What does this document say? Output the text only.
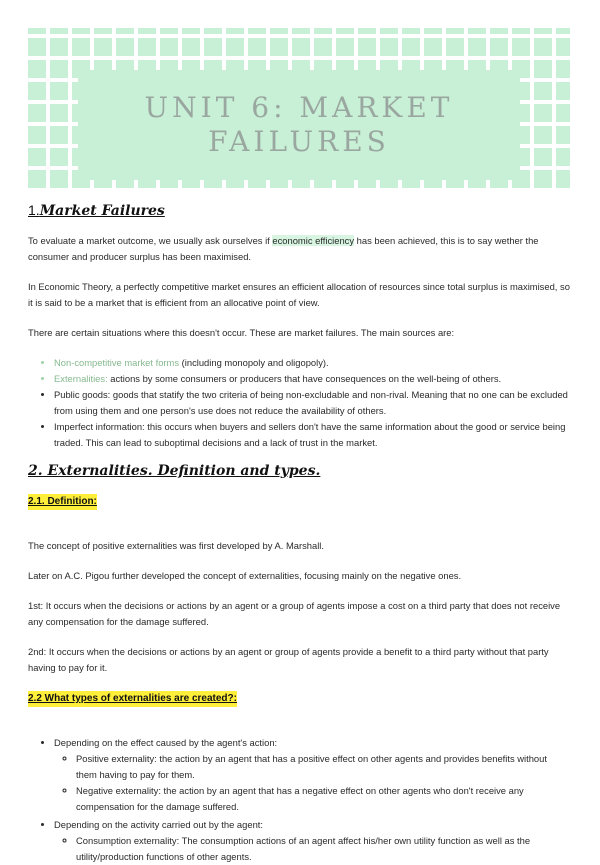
UNIT 6: MARKET FAILURES
1.Market Failures

To evaluate a market outcome, we usually ask ourselves if economic efficiency has been achieved, this is to say wether the consumer and producer surplus has been maximised.

In Economic Theory, a perfectly competitive market ensures an efficient allocation of resources since total surplus is maximised, so it is said to be a market that is efficient from an allocative point of view.

There are certain situations where this doesn't occur. These are market failures. The main sources are:

• Non-competitive market forms (including monopoly and oligopoly).
• Externalities: actions by some consumers or producers that have consequences on the well-being of others.
• Public goods: goods that statify the two criteria of being non-excludable and non-rival. Meaning that no one can be excluded from using them and one person's use does not reduce the availability of others.
• Imperfect information: this occurs when buyers and sellers don't have the same information about the good or service being traded. This can lead to suboptimal decisions and a lack of trust in the market.
2. Externalities. Definition and types.
2.1. Definition:

The concept of positive externalities was first developed by A. Marshall.

Later on A.C. Pigou further developed the concept of externalities, focusing mainly on the negative ones.

1st: It occurs when the decisions or actions by an agent or a group of agents impose a cost on a third party that does not receive any compensation for the damage suffered.

2nd: It occurs when the decisions or actions by an agent or group of agents provide a benefit to a third party without that party having to pay for it.

2.2 What types of externalities are created?:
• Depending on the effect caused by the agent's action:
◦ Positive externality: the action by an agent that has a positive effect on other agents and provides benefits without them having to pay for them.
◦ Negative externality: the action by an agent that has a negative effect on other agents who don't receive any compensation for the damage suffered.
• Depending on the activity carried out by the agent:
◦ Consumption externality: The consumption actions of an agent affect his/her own utility function as well as the utility/production functions of other agents.
